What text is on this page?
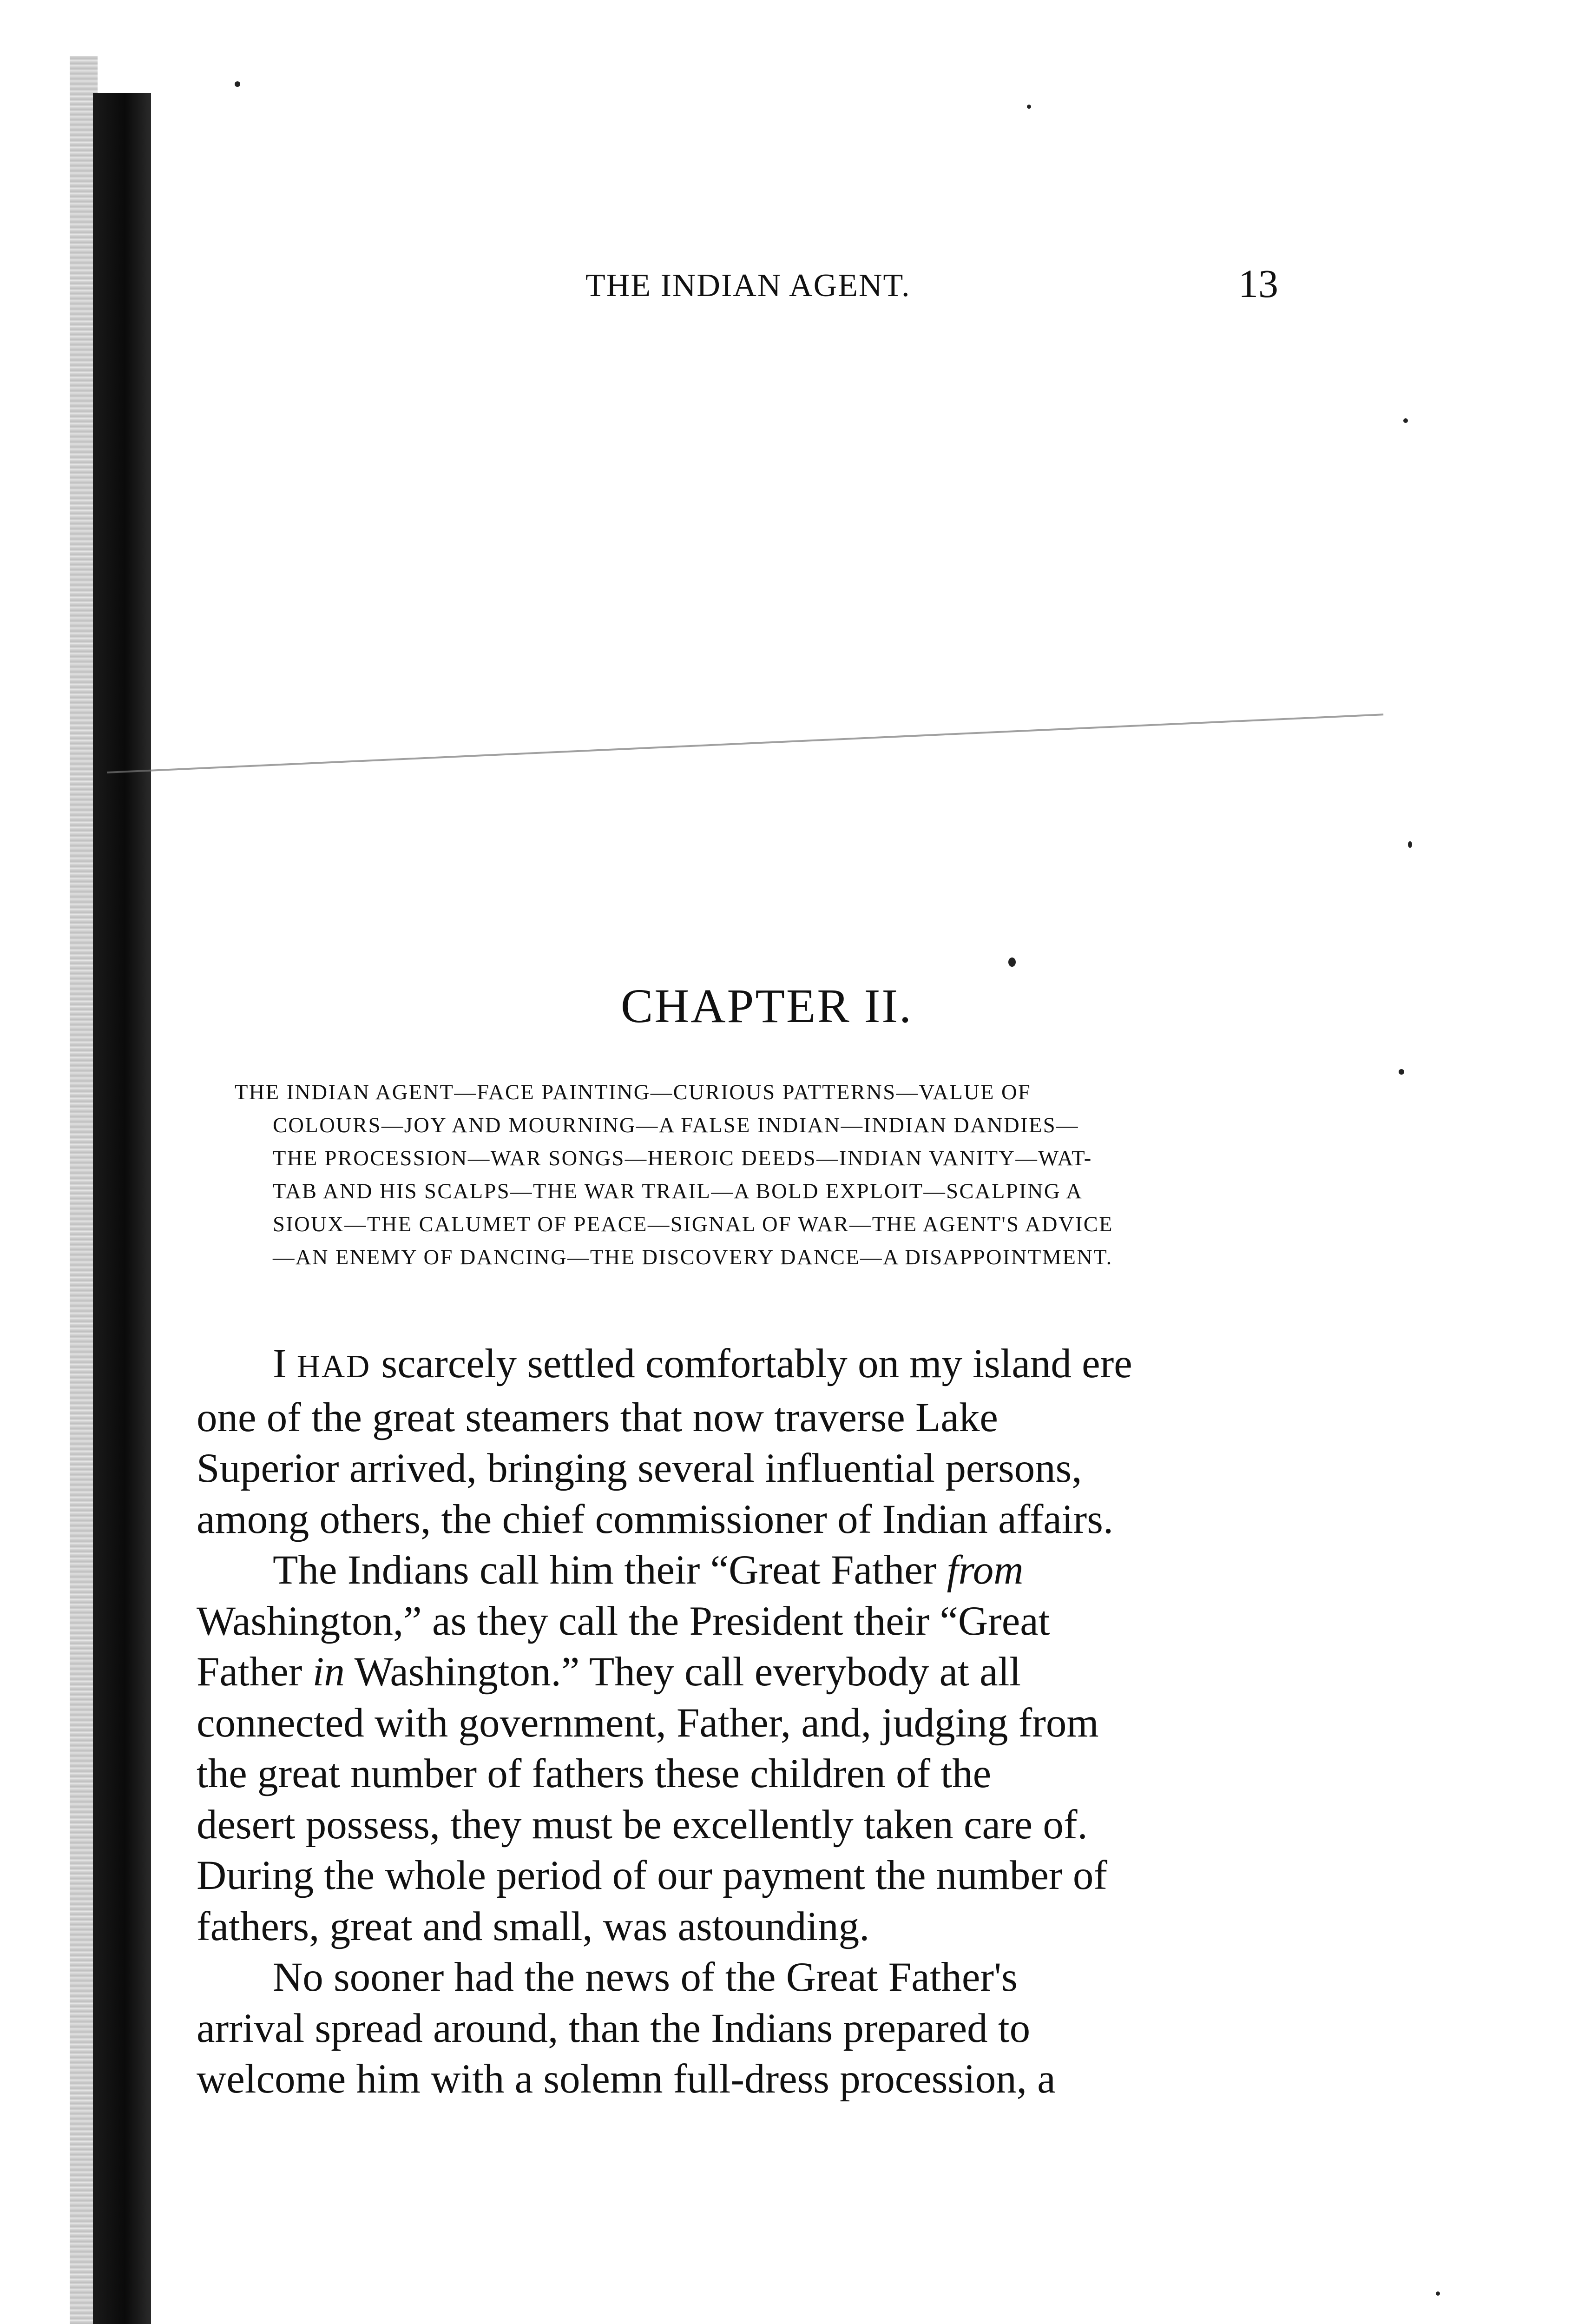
THE INDIAN AGENT.	13
CHAPTER II.
THE INDIAN AGENT—FACE PAINTING—CURIOUS PATTERNS—VALUE OF
COLOURS—JOY AND MOURNING—A FALSE INDIAN—INDIAN DANDIES—
THE PROCESSION—WAR SONGS—HEROIC DEEDS—INDIAN VANITY—WAT-
TAB AND HIS SCALPS—THE WAR TRAIL—A BOLD EXPLOIT—SCALPING A
SIOUX—THE CALUMET OF PEACE—SIGNAL OF WAR—THE AGENT'S ADVICE
—AN ENEMY OF DANCING—THE DISCOVERY DANCE—A DISAPPOINTMENT.

I HAD scarcely settled comfortably on my island ere
one of the great steamers that now traverse Lake
Superior arrived, bringing several influential persons,
among others, the chief commissioner of Indian affairs.

The Indians call him their “Great Father from
Washington,” as they call the President their “Great
Father in Washington.” They call everybody at all
connected with government, Father, and, judging from
the great number of fathers these children of the
desert possess, they must be excellently taken care of.
During the whole period of our payment the number of
fathers, great and small, was astounding.

No sooner had the news of the Great Father's
arrival spread around, than the Indians prepared to
welcome him with a solemn full-dress procession, a
